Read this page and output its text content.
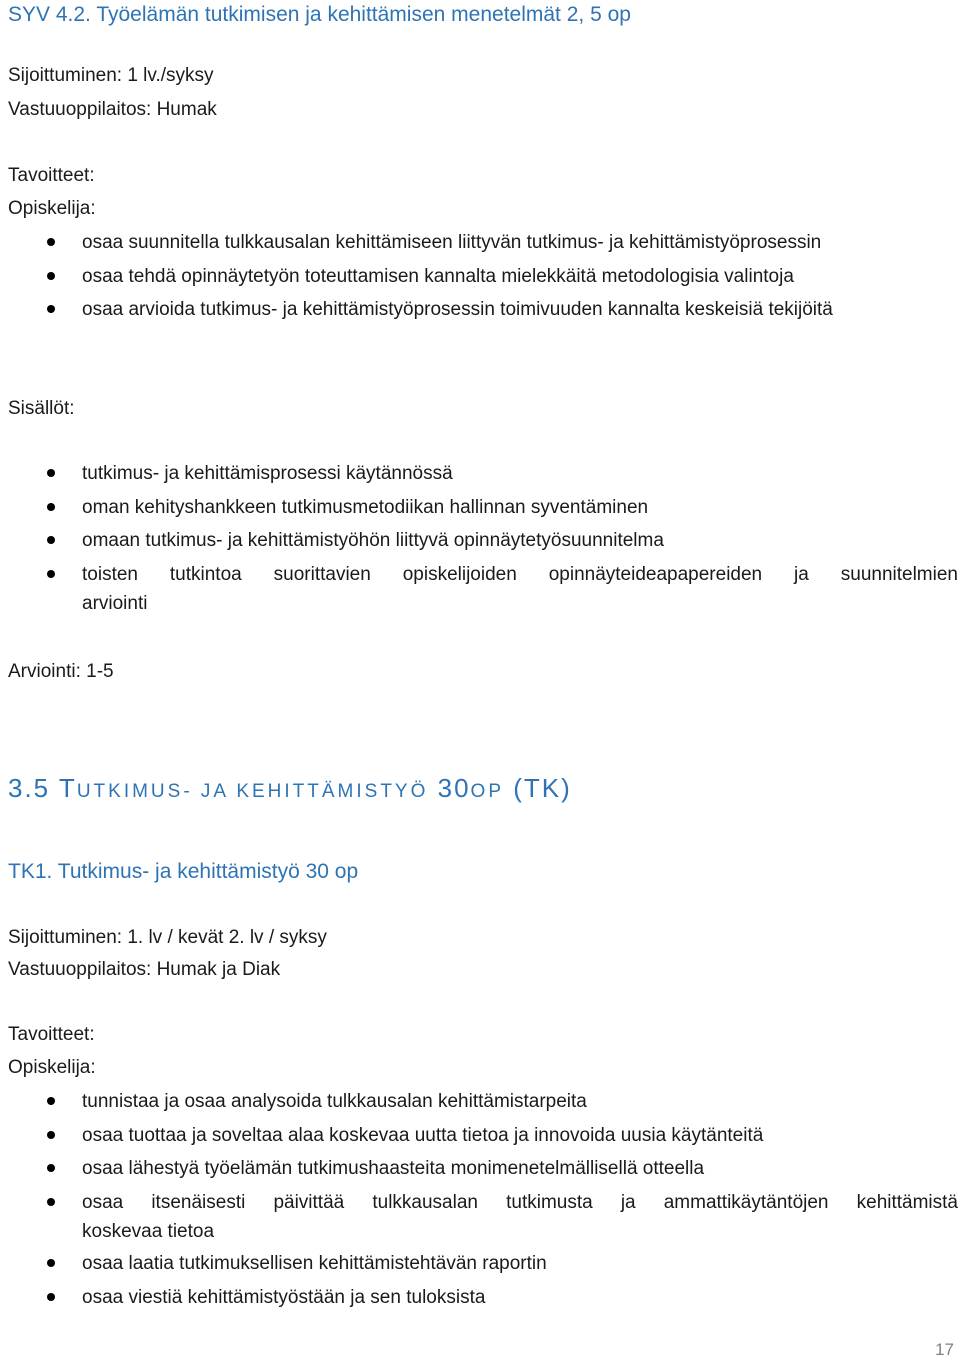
SYV 4.2. Työelämän tutkimisen ja kehittämisen menetelmät 2, 5 op
Sijoittuminen: 1 lv./syksy
Vastuuoppilaitos: Humak
Tavoitteet:
Opiskelija:
osaa suunnitella tulkkausalan kehittämiseen liittyvän tutkimus- ja kehittämistyöprosessin
osaa tehdä opinnäytetyön toteuttamisen kannalta mielekkäitä metodologisia valintoja
osaa arvioida tutkimus- ja kehittämistyöprosessin toimivuuden kannalta keskeisiä tekijöitä
Sisällöt:
tutkimus- ja kehittämisprosessi käytännössä
oman kehityshankkeen tutkimusmetodiikan hallinnan syventäminen
omaan tutkimus- ja kehittämistyöhön liittyvä opinnäytetyösuunnitelma
toisten tutkintoa suorittavien opiskelijoiden opinnäyteideapapereiden ja suunnitelmien
arviointi
Arviointi: 1-5
3.5 TUTKIMUS- JA KEHITTÄMISTYÖ 30OP (TK)
TK1. Tutkimus- ja kehittämistyö 30 op
Sijoittuminen: 1. lv / kevät 2. lv / syksy
Vastuuoppilaitos: Humak ja Diak
Tavoitteet:
Opiskelija:
tunnistaa ja osaa analysoida tulkkausalan kehittämistarpeita
osaa tuottaa ja soveltaa alaa koskevaa uutta tietoa ja innovoida uusia käytänteitä
osaa lähestyä työelämän tutkimushaasteita monimenetelmällisellä otteella
osaa itsenäisesti päivittää tulkkausalan tutkimusta ja ammattikäytäntöjen kehittämistä
koskevaa tietoa
osaa laatia tutkimuksellisen kehittämistehtävän raportin
osaa viestiä kehittämistyöstään ja sen tuloksista
17
